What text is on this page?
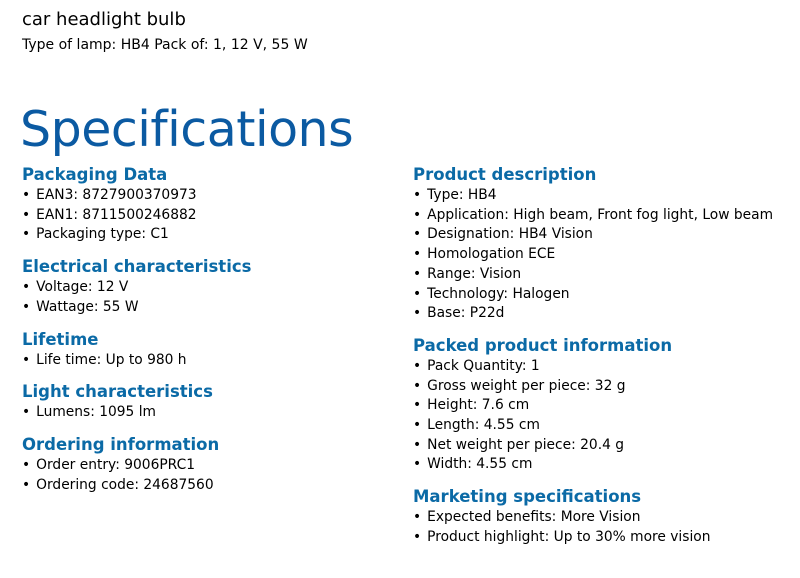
car headlight bulb
Type of lamp: HB4 Pack of: 1, 12 V, 55 W
Specifications
Packaging Data
• EAN3: 8727900370973
• EAN1: 8711500246882
• Packaging type: C1
Electrical characteristics
• Voltage: 12 V
• Wattage: 55 W
Lifetime
• Life time: Up to 980 h
Light characteristics
• Lumens: 1095 lm
Ordering information
• Order entry: 9006PRC1
• Ordering code: 24687560
Product description
• Type: HB4
• Application: High beam, Front fog light, Low beam
• Designation: HB4 Vision
• Homologation ECE
• Range: Vision
• Technology: Halogen
• Base: P22d
Packed product information
• Pack Quantity: 1
• Gross weight per piece: 32 g
• Height: 7.6 cm
• Length: 4.55 cm
• Net weight per piece: 20.4 g
• Width: 4.55 cm
Marketing specifications
• Expected benefits: More Vision
• Product highlight: Up to 30% more vision
